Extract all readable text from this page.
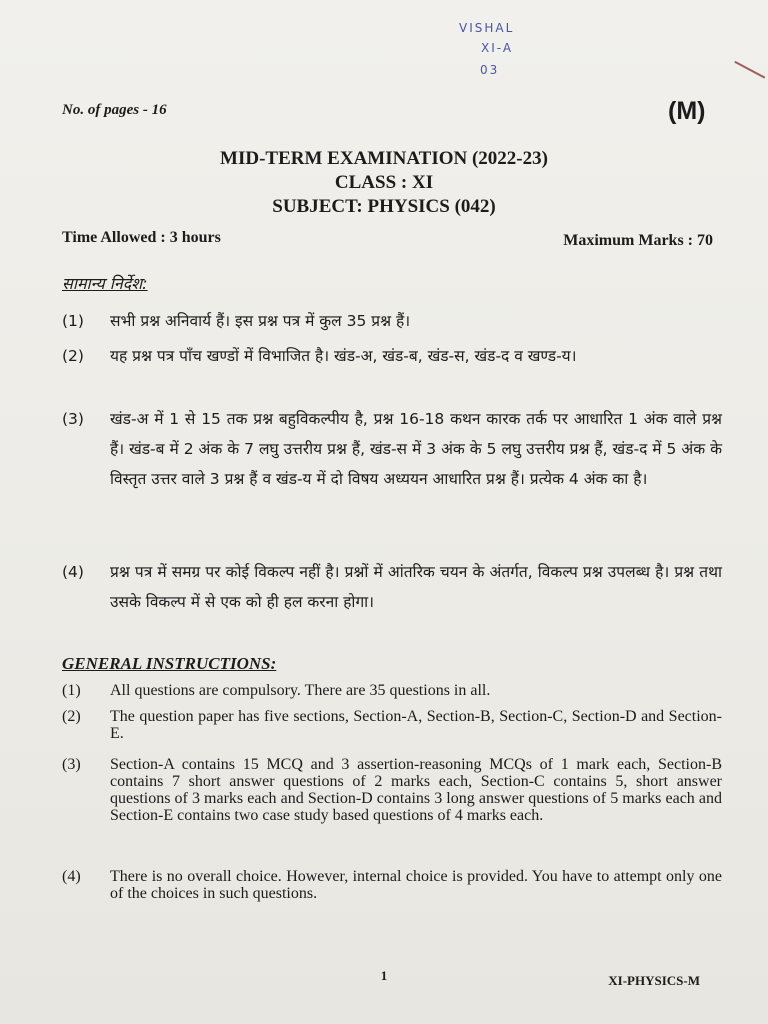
VISHAL
XI-A
03
No. of pages - 16	(M)
MID-TERM EXAMINATION (2022-23)
CLASS : XI
SUBJECT: PHYSICS (042)
Time Allowed : 3 hours	Maximum Marks : 70
सामान्य निर्देश:
(1)	सभी प्रश्न अनिवार्य हैं। इस प्रश्न पत्र में कुल 35 प्रश्न हैं।
(2)	यह प्रश्न पत्र पाँच खण्डों में विभाजित है। खंड-अ, खंड-ब, खंड-स, खंड-द व खण्ड-य।
(3)	खंड-अ में 1 से 15 तक प्रश्न बहुविकल्पीय है, प्रश्न 16-18 कथन कारक तर्क पर आधारित 1 अंक वाले प्रश्न हैं। खंड-ब में 2 अंक के 7 लघु उत्तरीय प्रश्न हैं, खंड-स में 3 अंक के 5 लघु उत्तरीय प्रश्न हैं, खंड-द में 5 अंक के विस्तृत उत्तर वाले 3 प्रश्न हैं व खंड-य में दो विषय अध्ययन आधारित प्रश्न हैं। प्रत्येक 4 अंक का है।
(4)	प्रश्न पत्र में समग्र पर कोई विकल्प नहीं है। प्रश्नों में आंतरिक चयन के अंतर्गत, विकल्प प्रश्न उपलब्ध है। प्रश्न तथा उसके विकल्प में से एक को ही हल करना होगा।
GENERAL INSTRUCTIONS:
(1)	All questions are compulsory. There are 35 questions in all.
(2)	The question paper has five sections, Section-A, Section-B, Section-C, Section-D and Section-E.
(3)	Section-A contains 15 MCQ and 3 assertion-reasoning MCQs of 1 mark each, Section-B contains 7 short answer questions of 2 marks each, Section-C contains 5, short answer questions of 3 marks each and Section-D contains 3 long answer questions of 5 marks each and Section-E contains two case study based questions of 4 marks each.
(4)	There is no overall choice. However, internal choice is provided. You have to attempt only one of the choices in such questions.
1	XI-PHYSICS-M
